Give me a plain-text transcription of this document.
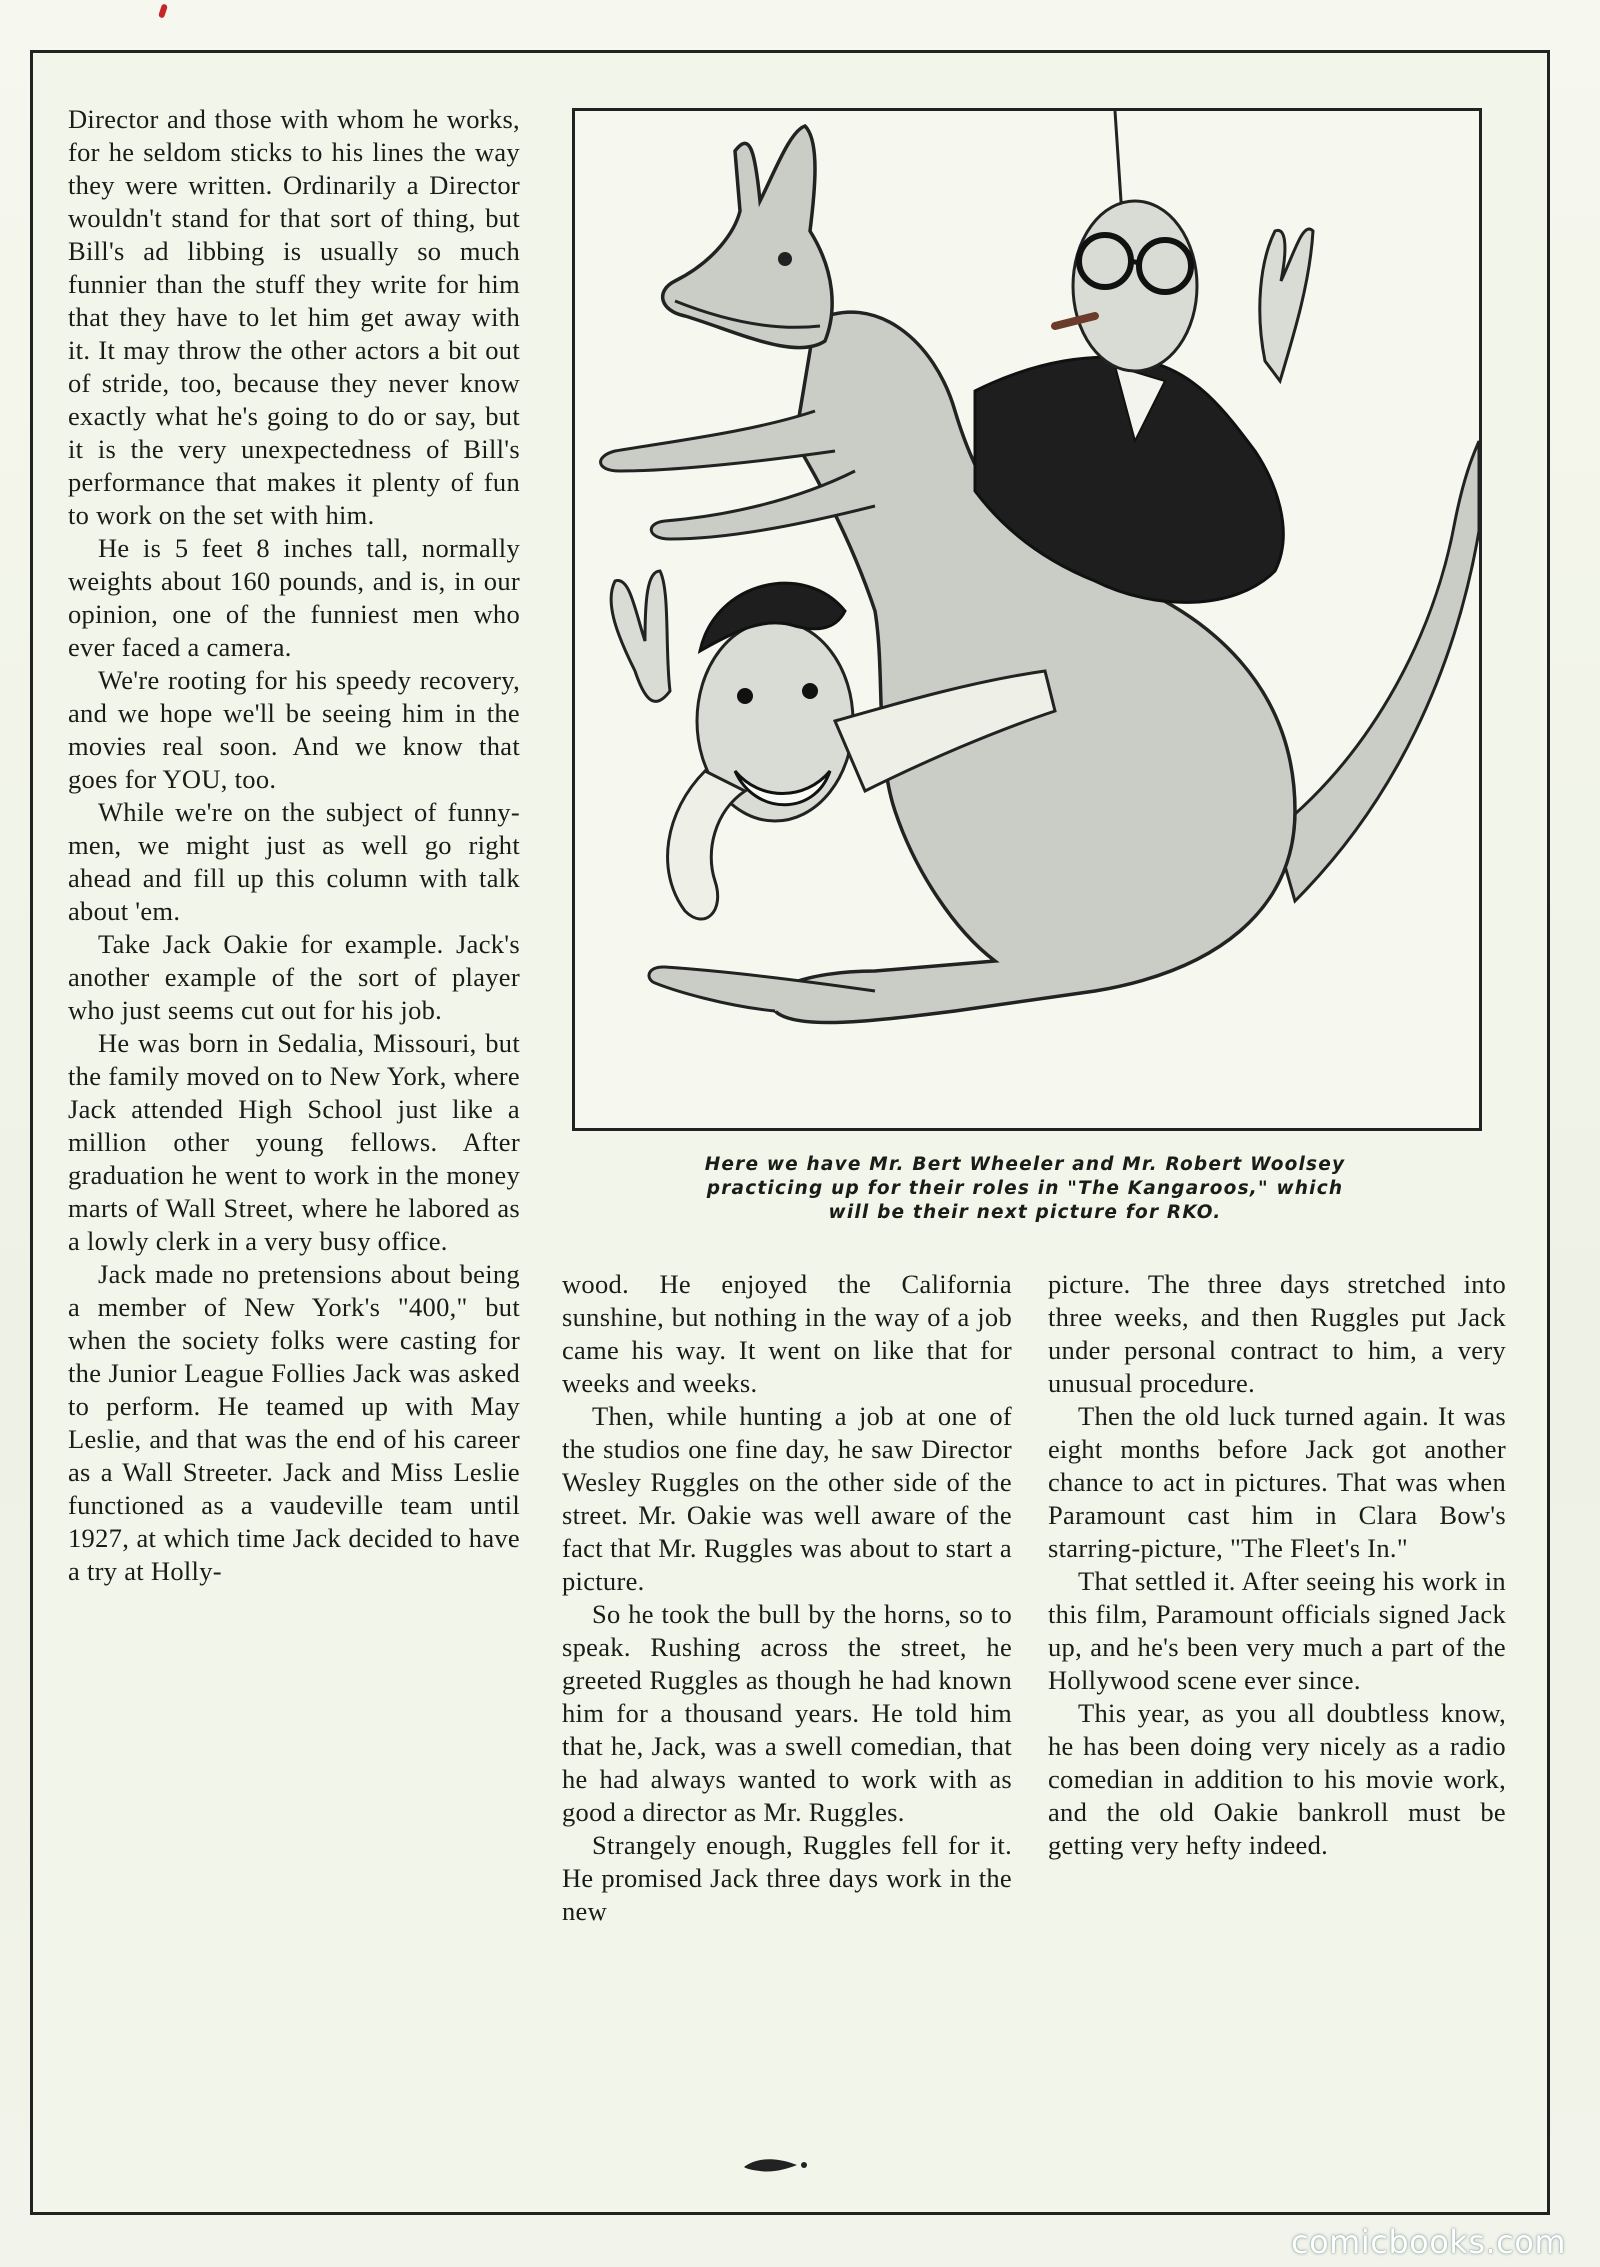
Director and those with whom he works, for he seldom sticks to his lines the way they were written. Ordinarily a Director wouldn't stand for that sort of thing, but Bill's ad libbing is usually so much funnier than the stuff they write for him that they have to let him get away with it. It may throw the other actors a bit out of stride, too, because they never know exactly what he's going to do or say, but it is the very unexpectedness of Bill's performance that makes it plenty of fun to work on the set with him.

He is 5 feet 8 inches tall, normally weights about 160 pounds, and is, in our opinion, one of the funniest men who ever faced a camera.

We're rooting for his speedy recovery, and we hope we'll be seeing him in the movies real soon. And we know that goes for YOU, too.

While we're on the subject of funny-men, we might just as well go right ahead and fill up this column with talk about 'em.

Take Jack Oakie for example. Jack's another example of the sort of player who just seems cut out for his job.

He was born in Sedalia, Missouri, but the family moved on to New York, where Jack attended High School just like a million other young fellows. After graduation he went to work in the money marts of Wall Street, where he labored as a lowly clerk in a very busy office.

Jack made no pretensions about being a member of New York's "400," but when the society folks were casting for the Junior League Follies Jack was asked to perform. He teamed up with May Leslie, and that was the end of his career as a Wall Streeter. Jack and Miss Leslie functioned as a vaudeville team until 1927, at which time Jack decided to have a try at Holly-

Here we have Mr. Bert Wheeler and Mr. Robert Woolsey
practicing up for their roles in "The Kangaroos," which
will be their next picture for RKO.

wood. He enjoyed the California sunshine, but nothing in the way of a job came his way. It went on like that for weeks and weeks.

Then, while hunting a job at one of the studios one fine day, he saw Director Wesley Ruggles on the other side of the street. Mr. Oakie was well aware of the fact that Mr. Ruggles was about to start a picture.

So he took the bull by the horns, so to speak. Rushing across the street, he greeted Ruggles as though he had known him for a thousand years. He told him that he, Jack, was a swell comedian, that he had always wanted to work with as good a director as Mr. Ruggles.

Strangely enough, Ruggles fell for it. He promised Jack three days work in the new

picture. The three days stretched into three weeks, and then Ruggles put Jack under personal contract to him, a very unusual procedure.

Then the old luck turned again. It was eight months before Jack got another chance to act in pictures. That was when Paramount cast him in Clara Bow's starring-picture, "The Fleet's In."

That settled it. After seeing his work in this film, Paramount officials signed Jack up, and he's been very much a part of the Hollywood scene ever since.

This year, as you all doubtless know, he has been doing very nicely as a radio comedian in addition to his movie work, and the old Oakie bankroll must be getting very hefty indeed.

comicbooks.com
